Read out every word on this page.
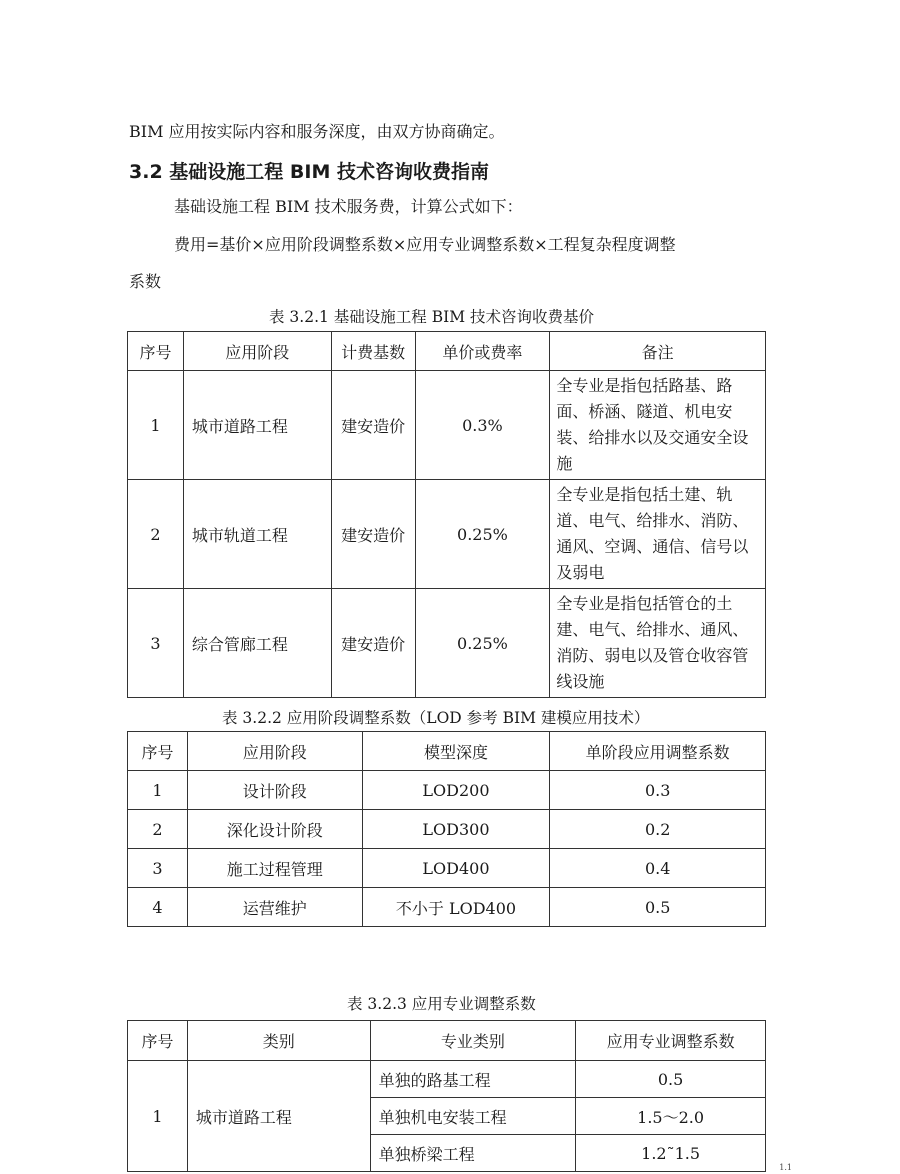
BIM 应用按实际内容和服务深度，由双方协商确定。
3.2 基础设施工程 BIM 技术咨询收费指南
基础设施工程 BIM 技术服务费，计算公式如下：
费用=基价×应用阶段调整系数×应用专业调整系数×工程复杂程度调整
系数
表 3.2.1 基础设施工程 BIM 技术咨询收费基价
序号	应用阶段	计费基数	单价或费率	备注
1	城市道路工程	建安造价	0.3%	全专业是指包括路基、路面、桥涵、隧道、机电安装、给排水以及交通安全设施
2	城市轨道工程	建安造价	0.25%	全专业是指包括土建、轨道、电气、给排水、消防、通风、空调、通信、信号以及弱电
3	综合管廊工程	建安造价	0.25%	全专业是指包括管仓的土建、电气、给排水、通风、消防、弱电以及管仓收容管线设施
表 3.2.2 应用阶段调整系数（LOD 参考 BIM 建模应用技术）
序号	应用阶段	模型深度	单阶段应用调整系数
1	设计阶段	LOD200	0.3
2	深化设计阶段	LOD300	0.2
3	施工过程管理	LOD400	0.4
4	运营维护	不小于 LOD400	0.5
表 3.2.3 应用专业调整系数
序号	类别	专业类别	应用专业调整系数
1	城市道路工程	单独的路基工程	0.5
		单独机电安装工程	1.5～2.0
		单独桥梁工程	1.2˜1.5
1.1
